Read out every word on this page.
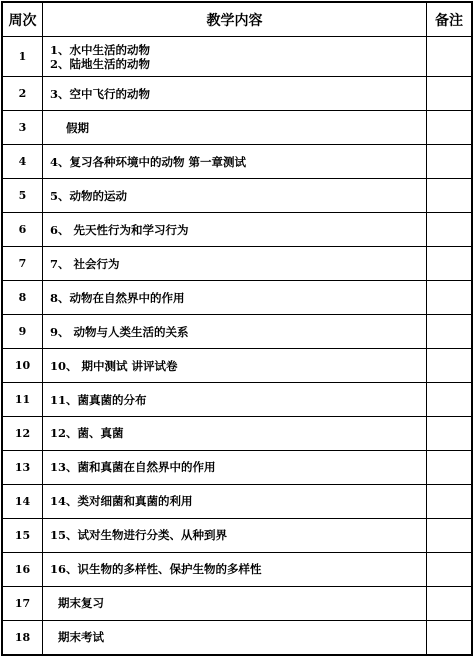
周次	教学内容	备注
1	1、水中生活的动物
2、陆地生活的动物	

2	3、空中飞行的动物	

3	假期	

4	4、复习各种环境中的动物 第一章测试	

5	5、动物的运动	

6	6、 先天性行为和学习行为	

7	7、 社会行为	

8	8、动物在自然界中的作用	

9	9、 动物与人类生活的关系	

10	10、 期中测试 讲评试卷	

11	11、菌真菌的分布	

12	12、菌、真菌	

13	13、菌和真菌在自然界中的作用	

14	14、类对细菌和真菌的利用	

15	15、试对生物进行分类、从种到界	

16	16、识生物的多样性、保护生物的多样性	

17	期末复习	

18	期末考试	
